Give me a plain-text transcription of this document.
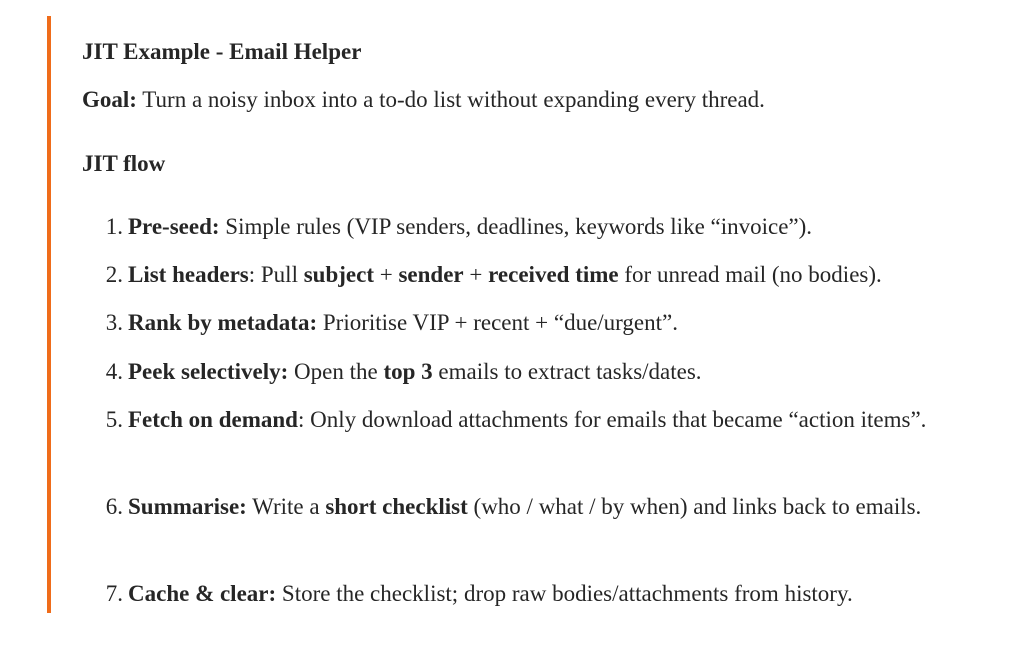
JIT Example - Email Helper
Goal: Turn a noisy inbox into a to-do list without expanding every thread.
JIT flow
1. Pre-seed: Simple rules (VIP senders, deadlines, keywords like “invoice”).
2. List headers: Pull subject + sender + received time for unread mail (no bodies).
3. Rank by metadata: Prioritise VIP + recent + “due/urgent”.
4. Peek selectively: Open the top 3 emails to extract tasks/dates.
5. Fetch on demand: Only download attachments for emails that became “action items”.
6. Summarise: Write a short checklist (who / what / by when) and links back to emails.
7. Cache & clear: Store the checklist; drop raw bodies/attachments from history.
